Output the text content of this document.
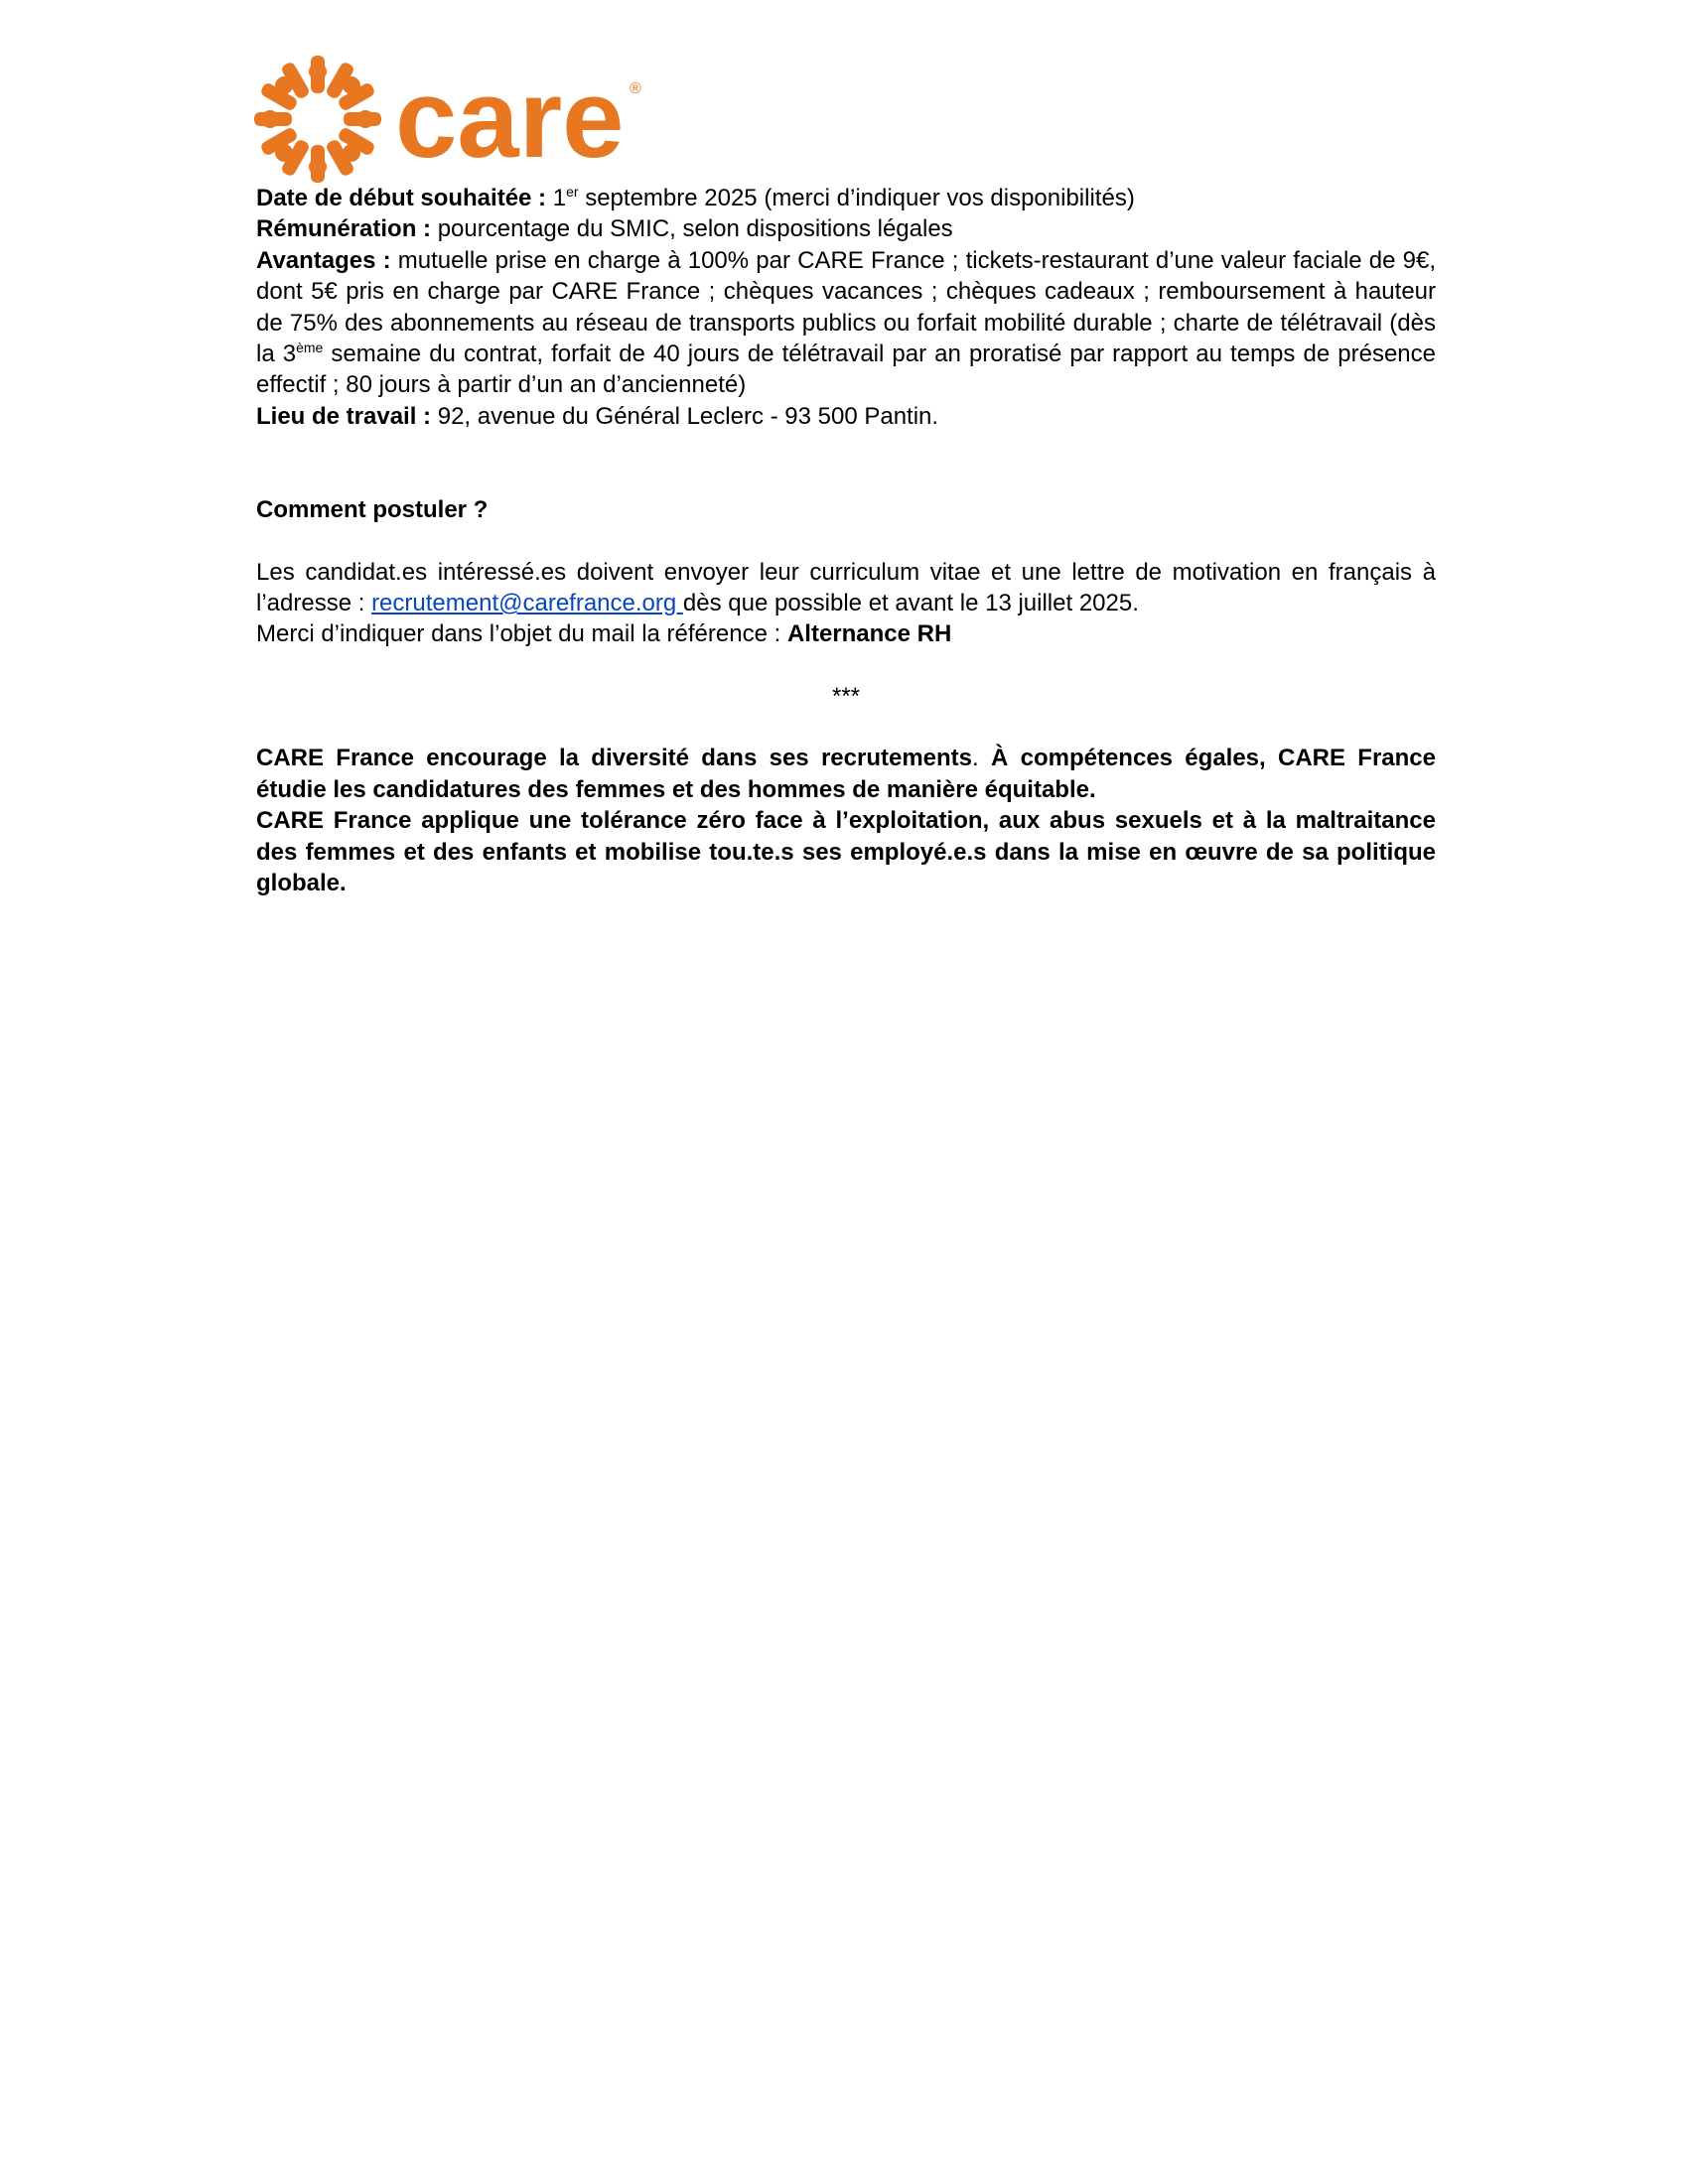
care ®

Date de début souhaitée : 1er septembre 2025 (merci d’indiquer vos disponibilités)

Rémunération : pourcentage du SMIC, selon dispositions légales

Avantages : mutuelle prise en charge à 100% par CARE France ; tickets-restaurant d’une valeur faciale de 9€, dont 5€ pris en charge par CARE France ; chèques vacances ; chèques cadeaux ; remboursement à hauteur de 75% des abonnements au réseau de transports publics ou forfait mobilité durable ; charte de télétravail (dès la 3ème semaine du contrat, forfait de 40 jours de télétravail par an proratisé par rapport au temps de présence effectif ; 80 jours à partir d’un an d’ancienneté)

Lieu de travail : 92, avenue du Général Leclerc - 93 500 Pantin.

Comment postuler ?

Les candidat.es intéressé.es doivent envoyer leur curriculum vitae et une lettre de motivation en français à l’adresse : recrutement@carefrance.org dès que possible et avant le 13 juillet 2025.

Merci d’indiquer dans l’objet du mail la référence : Alternance RH

***

CARE France encourage la diversité dans ses recrutements. À compétences égales, CARE France étudie les candidatures des femmes et des hommes de manière équitable.

CARE France applique une tolérance zéro face à l’exploitation, aux abus sexuels et à la maltraitance des femmes et des enfants et mobilise tou.te.s ses employé.e.s dans la mise en œuvre de sa politique globale.
